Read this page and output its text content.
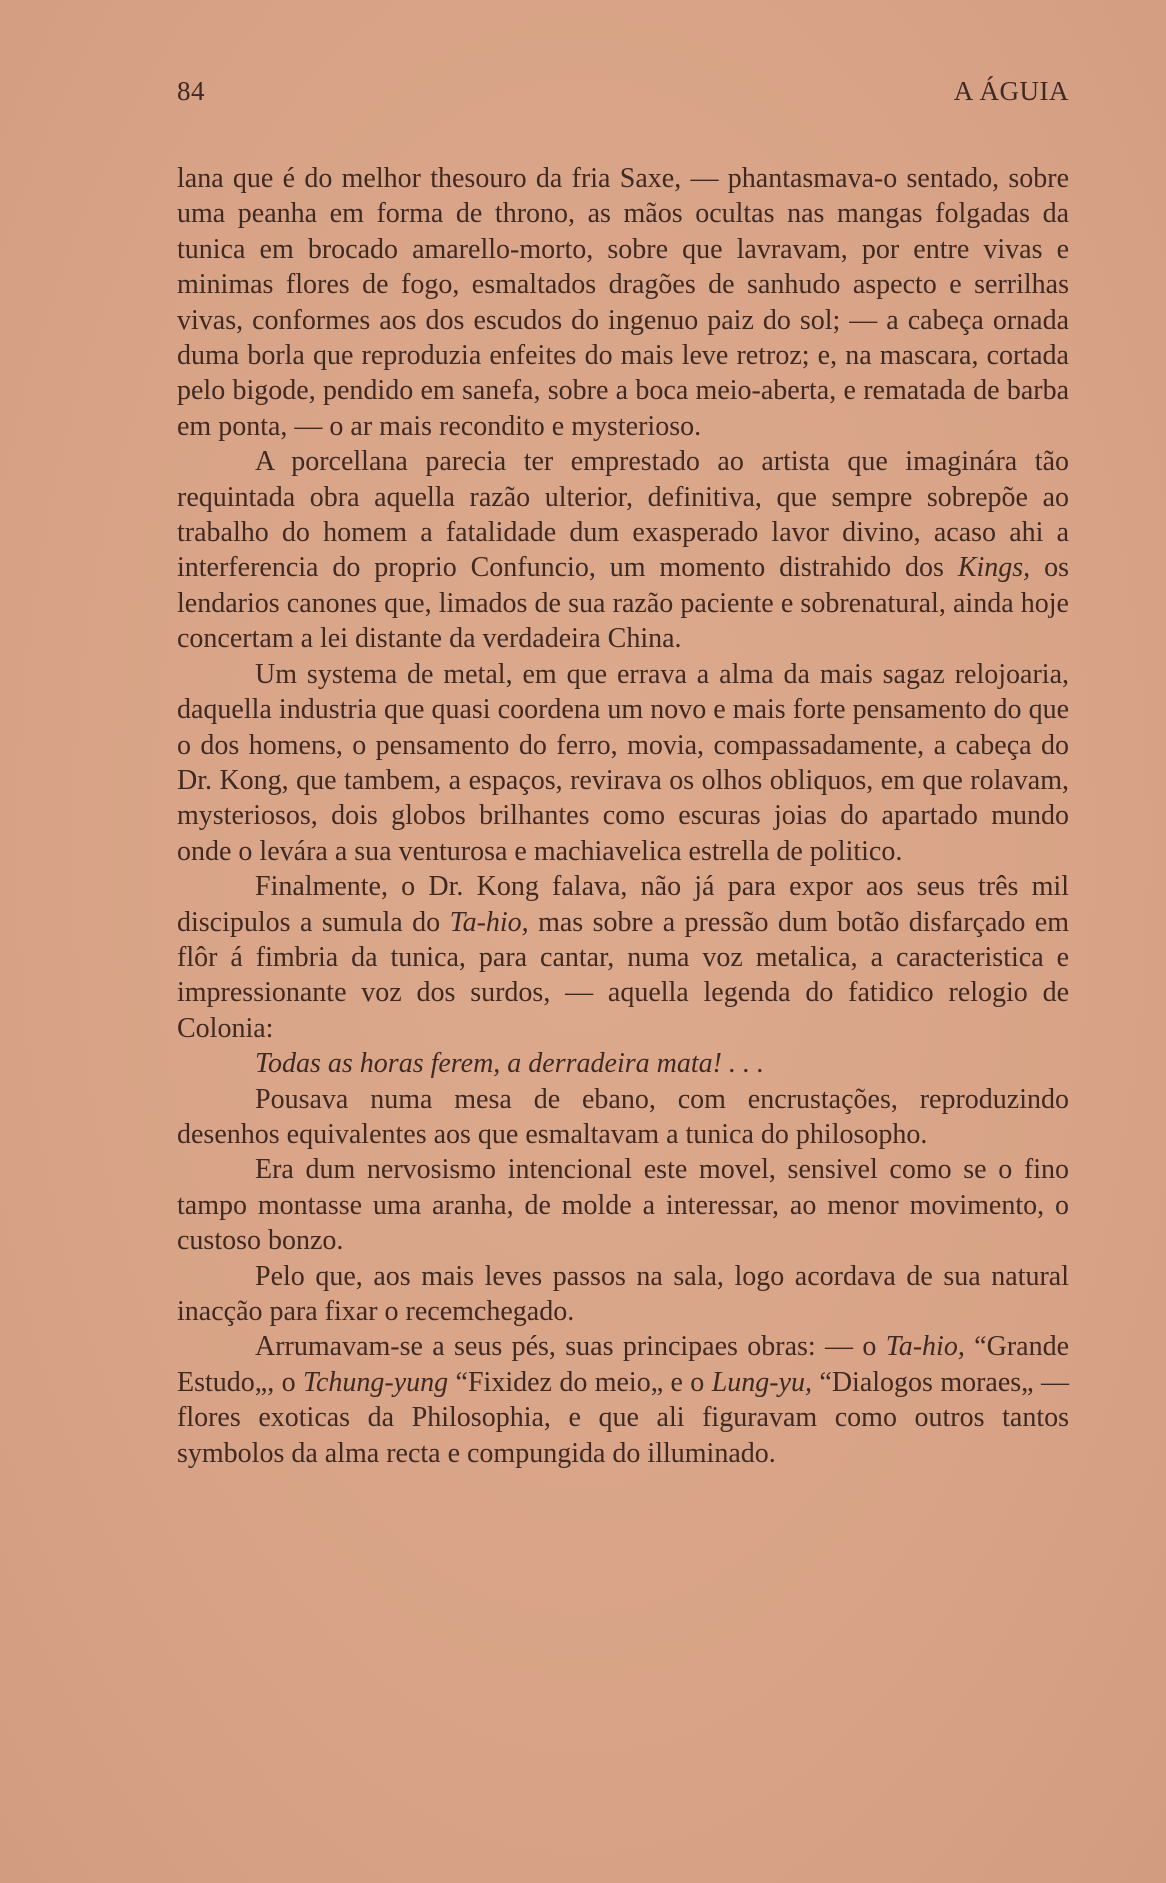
84	A ÁGUIA

lana que é do melhor thesouro da fria Saxe, — phantasmava-o sentado, sobre uma peanha em forma de throno, as mãos ocultas nas mangas folgadas da tunica em brocado amarello-morto, sobre que lavravam, por entre vivas e minimas flores de fogo, esmaltados dragões de sanhudo aspecto e serrilhas vivas, conformes aos dos escudos do ingenuo paiz do sol; — a cabeça ornada duma borla que reproduzia enfeites do mais leve retroz; e, na mascara, cortada pelo bigode, pendido em sanefa, sobre a boca meio-aberta, e rematada de barba em ponta, — o ar mais recondito e mysterioso.

A porcellana parecia ter emprestado ao artista que imaginára tão requintada obra aquella razão ulterior, definitiva, que sempre sobrepõe ao trabalho do homem a fatalidade dum exasperado lavor divino, acaso ahi a interferencia do proprio Confuncio, um momento distrahido dos Kings, os lendarios canones que, limados de sua razão paciente e sobrenatural, ainda hoje concertam a lei distante da verdadeira China.

Um systema de metal, em que errava a alma da mais sagaz relojoaria, daquella industria que quasi coordena um novo e mais forte pensamento do que o dos homens, o pensamento do ferro, movia, compassadamente, a cabeça do Dr. Kong, que tambem, a espaços, revirava os olhos obliquos, em que rolavam, mysteriosos, dois globos brilhantes como escuras joias do apartado mundo onde o levára a sua venturosa e machiavelica estrella de politico.

Finalmente, o Dr. Kong falava, não já para expor aos seus três mil discipulos a sumula do Ta-hio, mas sobre a pressão dum botão disfarçado em flôr á fimbria da tunica, para cantar, numa voz metalica, a caracteristica e impressionante voz dos surdos, — aquella legenda do fatidico relogio de Colonia:

Todas as horas ferem, a derradeira mata! . . .

Pousava numa mesa de ebano, com encrustações, reproduzindo desenhos equivalentes aos que esmaltavam a tunica do philosopho.

Era dum nervosismo intencional este movel, sensivel como se o fino tampo montasse uma aranha, de molde a interessar, ao menor movimento, o custoso bonzo.

Pelo que, aos mais leves passos na sala, logo acordava de sua natural inacção para fixar o recemchegado.

Arrumavam-se a seus pés, suas principaes obras: — o Ta-hio, “Grande Estudo„, o Tchung-yung “Fixidez do meio„ e o Lung-yu, “Dialogos moraes„ — flores exoticas da Philosophia, e que ali figuravam como outros tantos symbolos da alma recta e compungida do illuminado.
